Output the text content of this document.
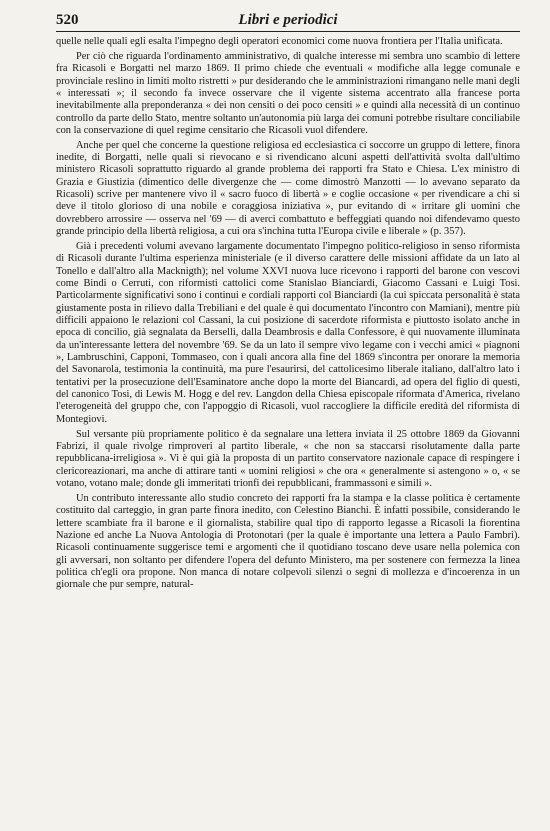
520	Libri e periodici

quelle nelle quali egli esalta l'impegno degli operatori economici come nuova frontiera per l'Italia unificata.

Per ciò che riguarda l'ordinamento amministrativo, di qualche interesse mi sembra uno scambio di lettere fra Ricasoli e Borgatti nel marzo 1869. Il primo chiede che eventuali « modifiche alla legge comunale e provinciale reslino in limiti molto ristretti » pur desiderando che le amministrazioni rimangano nelle mani degli « interessati »; il secondo fa invece osservare che il vigente sistema accentrato alla francese porta inevitabilmente alla preponderanza « dei non censiti o dei poco censiti » e quindi alla necessità di un continuo controllo da parte dello Stato, mentre soltanto un'autonomia più larga dei comuni potrebbe risultare conciliabile con la conservazione di quel regime censitario che Ricasoli vuol difendere.

Anche per quel che concerne la questione religiosa ed ecclesiastica ci soccorre un gruppo di lettere, finora inedite, di Borgatti, nelle quali si rievocano e si rivendicano alcuni aspetti dell'attività svolta dall'ultimo ministero Ricasoli soprattutto riguardo al grande problema dei rapporti fra Stato e Chiesa. L'ex ministro di Grazia e Giustizia (dimentico delle divergenze che — come dimostrò Manzotti — lo avevano separato da Ricasoli) scrive per mantenere vivo il « sacro fuoco di libertà » e coglie occasione « per rivendicare a chi si deve il titolo glorioso di una nobile e coraggiosa iniziativa », pur evitando di « irritare gli uomini che dovrebbero arrossire — osserva nel '69 — di averci combattuto e beffeggiati quando noi difendevamo questo grande principio della libertà religiosa, a cui ora s'inchina tutta l'Europa civile e liberale » (p. 357).

Già i precedenti volumi avevano largamente documentato l'impegno politico-religioso in senso riformista di Ricasoli durante l'ultima esperienza ministeriale (e il diverso carattere delle missioni affidate da un lato al Tonello e dall'altro alla Macknigth); nel volume XXVI nuova luce ricevono i rapporti del barone con vescovi come Bindi o Cerruti, con riformisti cattolici come Stanislao Bianciardi, Giacomo Cassani e Luigi Tosi. Particolarmente significativi sono i continui e cordiali rapporti col Bianciardi (la cui spiccata personalità è stata giustamente posta in rilievo dalla Trebiliani e del quale è qui documentato l'incontro con Mamiani), mentre più difficili appaiono le relazioni col Cassani, la cui posizione di sacerdote riformista e piuttosto isolato anche in epoca di concilio, già segnalata da Berselli, dalla Deambrosis e dalla Confessore, è qui nuovamente illuminata da un'interessante lettera del novembre '69. Se da un lato il sempre vivo legame con i vecchi amici « piagnoni », Lambruschini, Capponi, Tommaseo, con i quali ancora alla fine del 1869 s'incontra per onorare la memoria del Savonarola, testimonia la continuità, ma pure l'esaurirsi, del cattolicesimo liberale italiano, dall'altro lato i tentativi per la prosecuzione dell'Esaminatore anche dopo la morte del Biancardi, ad opera del figlio di questi, del canonico Tosi, di Lewis M. Hogg e del rev. Langdon della Chiesa episcopale riformata d'America, rivelano l'eterogeneità del gruppo che, con l'appoggio di Ricasoli, vuol raccogliere la difficile eredità del riformista di Montegiovi.

Sul versante più propriamente politico è da segnalare una lettera inviata il 25 ottobre 1869 da Giovanni Fabrizi, il quale rivolge rimproveri al partito liberale, « che non sa staccarsi risolutamente dalla parte repubblicana-irreligiosa ». Vi è qui già la proposta di un partito conservatore nazionale capace di respingere i clericoreazionari, ma anche di attirare tanti « uomini religiosi » che ora « generalmente si astengono » o, « se votano, votano male; donde gli immeritati trionfi dei repubblicani, frammassoni e simili ».

Un contributo interessante allo studio concreto dei rapporti fra la stampa e la classe politica è certamente costituito dal carteggio, in gran parte finora inedito, con Celestino Bianchi. È infatti possibile, considerando le lettere scambiate fra il barone e il giornalista, stabilire qual tipo di rapporto legasse a Ricasoli la fiorentina Nazione ed anche La Nuova Antologia di Protonotari (per la quale è importante una lettera a Paulo Fambri). Ricasoli continuamente suggerisce temi e argomenti che il quotidiano toscano deve usare nella polemica con gli avversari, non soltanto per difendere l'opera del defunto Ministero, ma per sostenere con fermezza la linea politica ch'egli ora propone. Non manca di notare colpevoli silenzi o segni di mollezza e d'incoerenza in un giornale che pur sempre, natural-
